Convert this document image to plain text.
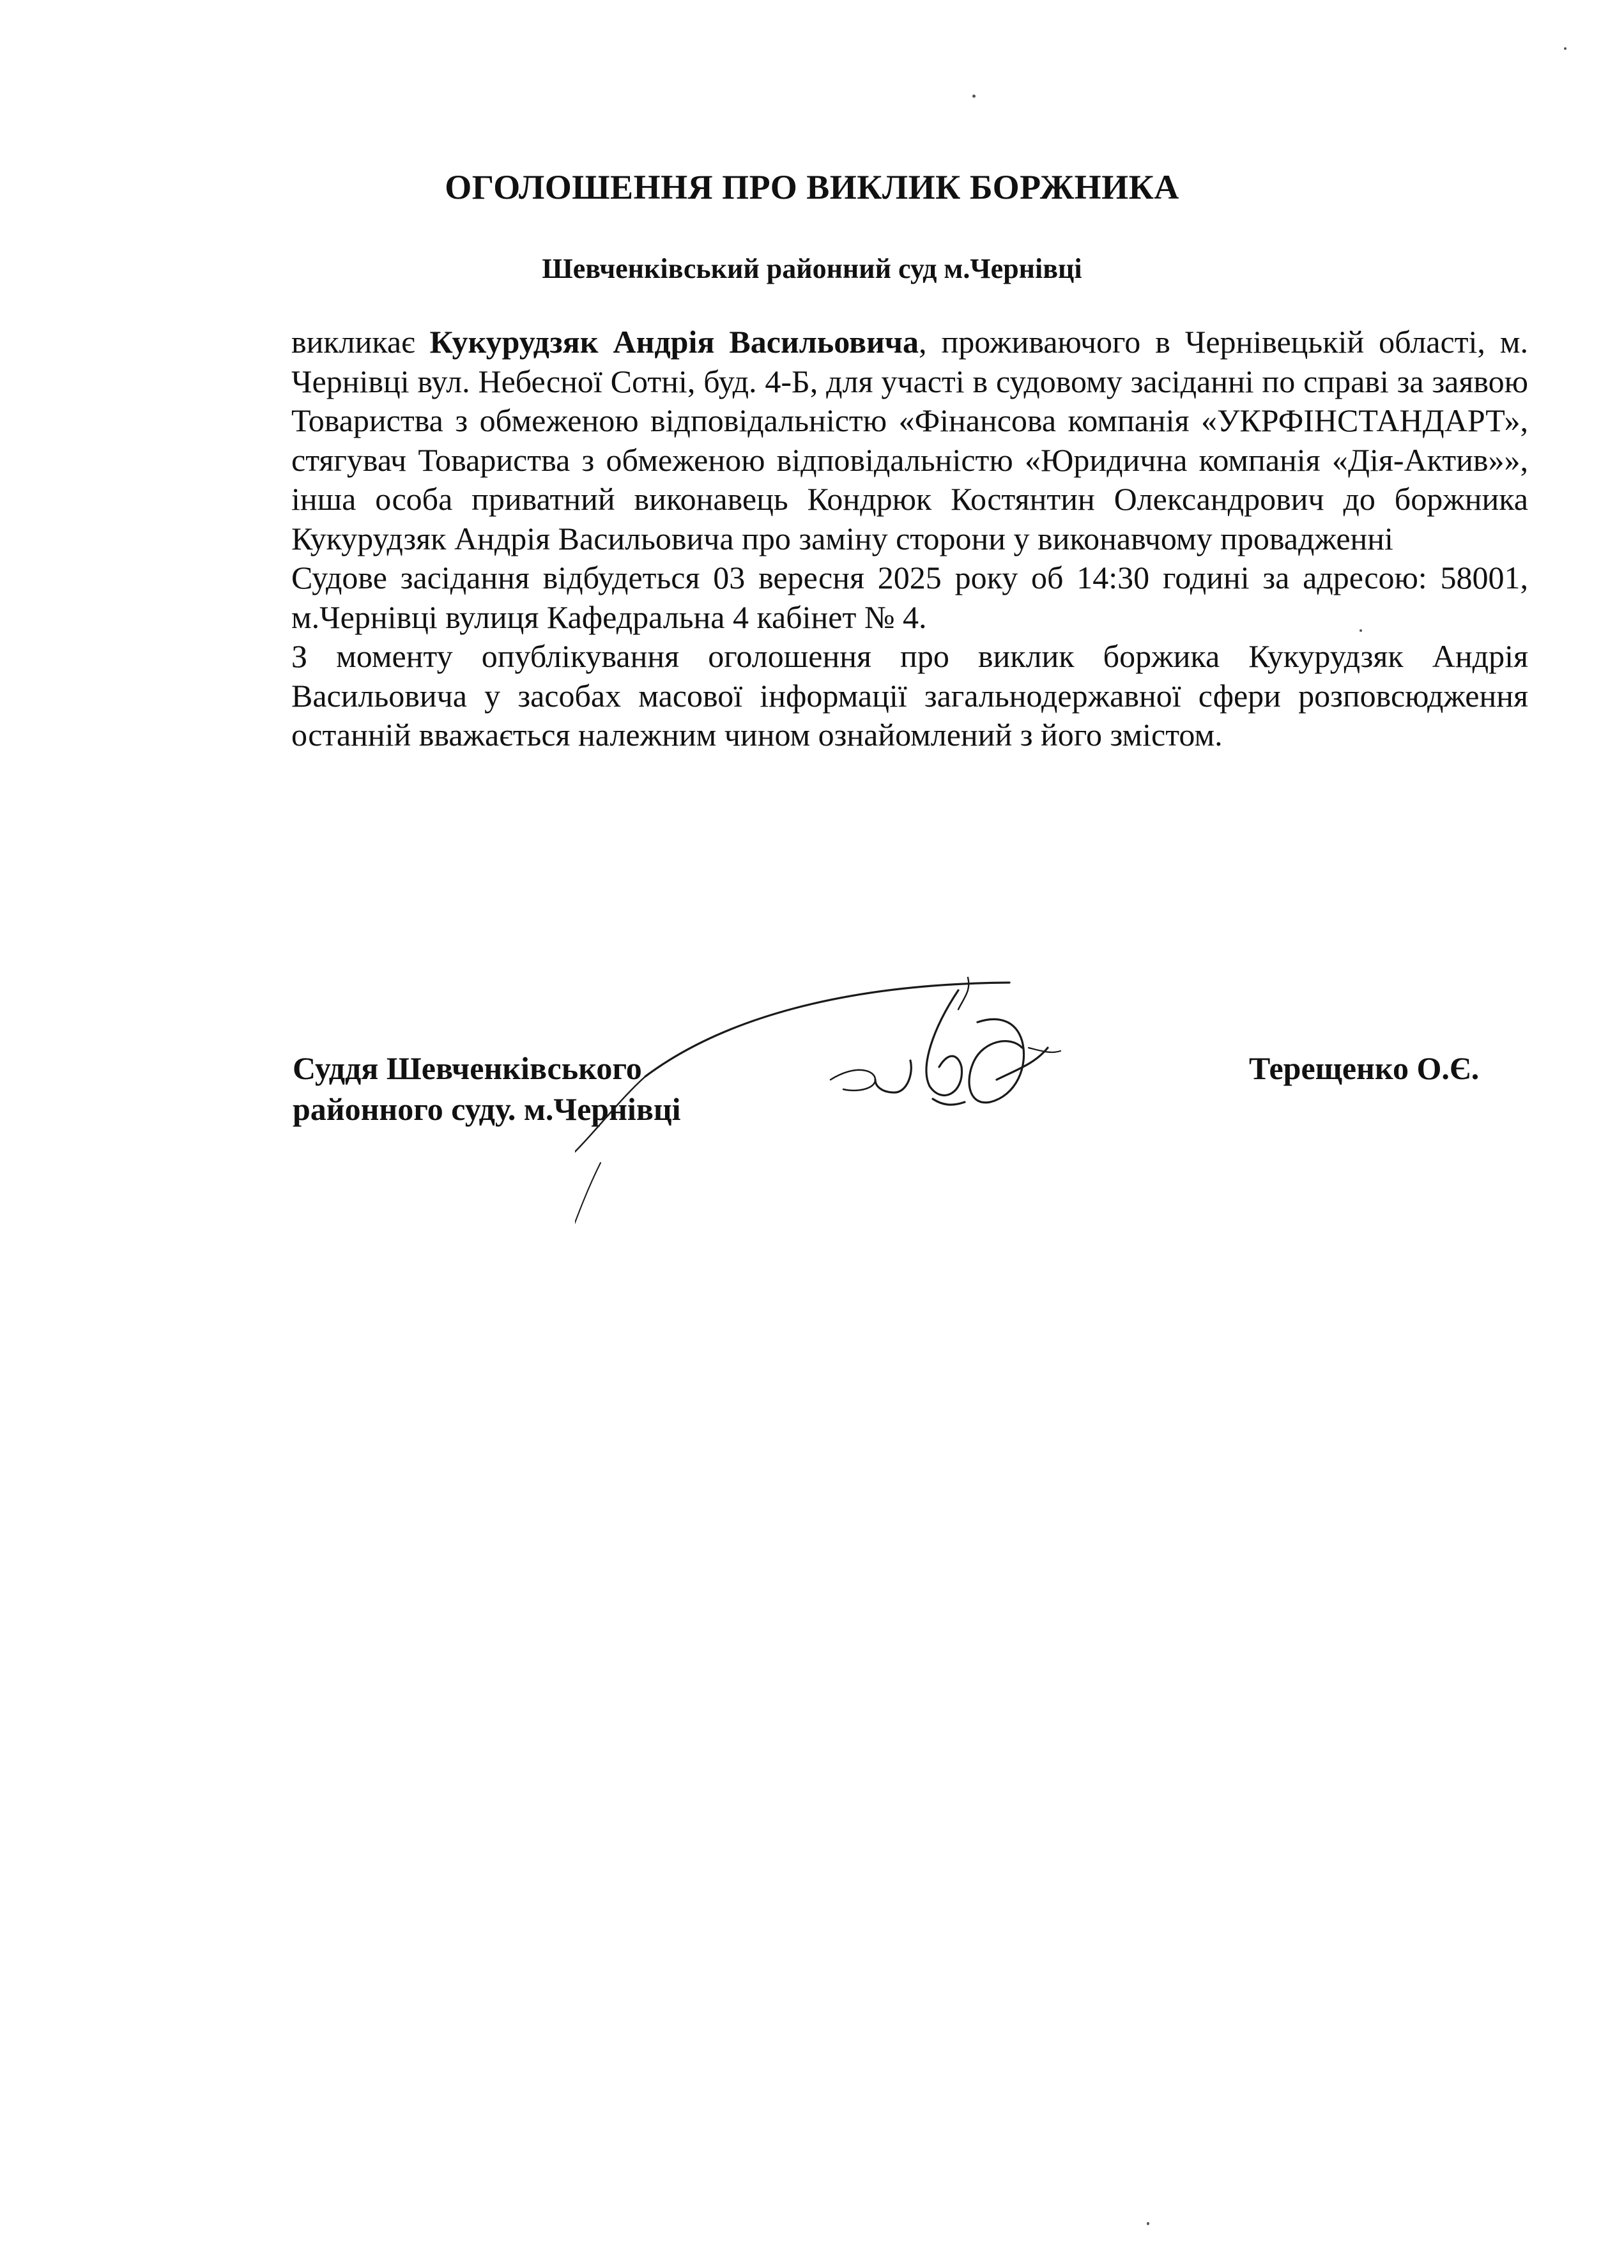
ОГОЛОШЕННЯ ПРО ВИКЛИК БОРЖНИКА
Шевченківський районний суд м.Чернівці

викликає Кукурудзяк Андрія Васильовича, проживаючого в Чернівецькій області, м. Чернівці вул. Небесної Сотні, буд. 4-Б, для участі в судовому засіданні по справі за заявою Товариства з обмеженою відповідальністю «Фінансова компанія «УКРФІНСТАНДАРТ», стягувач Товариства з обмеженою відповідальністю «Юридична компанія «Дія-Актив»», інша особа приватний виконавець Кондрюк Костянтин Олександрович до боржника Кукурудзяк Андрія Васильовича про заміну сторони у виконавчому провадженні

Судове засідання відбудеться 03 вересня 2025 року об 14:30 годині за адресою: 58001, м.Чернівці вулиця Кафедральна 4 кабінет № 4.

З моменту опублікування оголошення про виклик боржика Кукурудзяк Андрія Васильовича у засобах масової інформації загальнодержавної сфери розповсюдження останній вважається належним чином ознайомлений з його змістом.

Суддя Шевченківського
районного суду. м.Чернівці
Терещенко О.Є.
